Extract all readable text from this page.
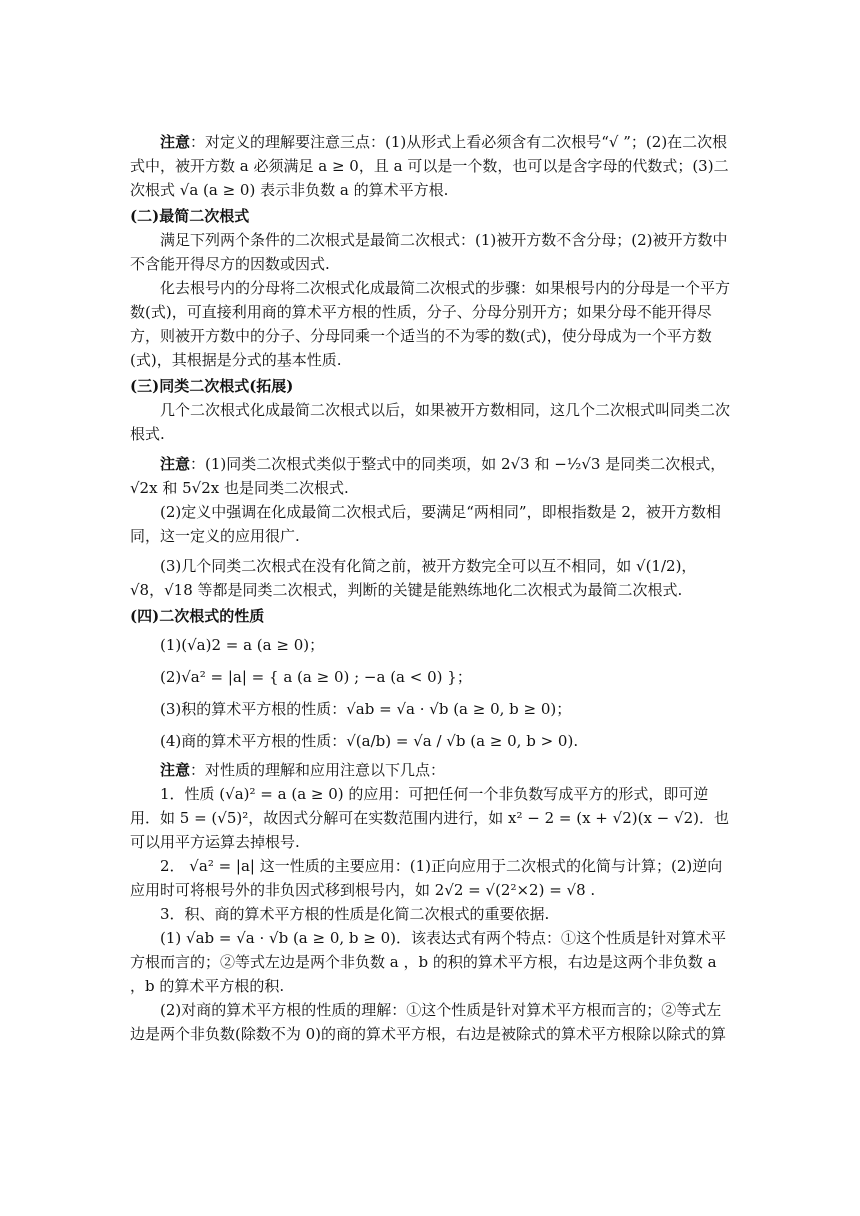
注意：对定义的理解要注意三点：(1)从形式上看必须含有二次根号“√ ”；(2)在二次根式中，被开方数 a 必须满足 a ≥ 0，且 a 可以是一个数，也可以是含字母的代数式；(3)二次根式 √a (a ≥ 0) 表示非负数 a 的算术平方根.

(二)最简二次根式

满足下列两个条件的二次根式是最简二次根式：(1)被开方数不含分母；(2)被开方数中不含能开得尽方的因数或因式.

化去根号内的分母将二次根式化成最简二次根式的步骤：如果根号内的分母是一个平方数(式)，可直接利用商的算术平方根的性质，分子、分母分别开方；如果分母不能开得尽方，则被开方数中的分子、分母同乘一个适当的不为零的数(式)，使分母成为一个平方数(式)，其根据是分式的基本性质.

(三)同类二次根式(拓展)

几个二次根式化成最简二次根式以后，如果被开方数相同，这几个二次根式叫同类二次根式.

注意：(1)同类二次根式类似于整式中的同类项，如 2√3 和 −½√3 是同类二次根式，√2x 和 5√2x 也是同类二次根式.

(2)定义中强调在化成最简二次根式后，要满足“两相同”，即根指数是 2，被开方数相同，这一定义的应用很广.

(3)几个同类二次根式在没有化简之前，被开方数完全可以互不相同，如 √(1/2)，√8，√18 等都是同类二次根式，判断的关键是能熟练地化二次根式为最简二次根式.

(四)二次根式的性质

(1)(√a)2 = a (a ≥ 0)；

(2)√a² = |a| = { a (a ≥ 0) ; −a (a < 0) }；

(3)积的算术平方根的性质：√ab = √a · √b (a ≥ 0, b ≥ 0)；

(4)商的算术平方根的性质：√(a/b) = √a / √b (a ≥ 0, b > 0).

注意：对性质的理解和应用注意以下几点：

1．性质 (√a)² = a (a ≥ 0) 的应用：可把任何一个非负数写成平方的形式，即可逆用．如 5 = (√5)²，故因式分解可在实数范围内进行，如 x² − 2 = (x + √2)(x − √2)．也可以用平方运算去掉根号.

2． √a² = |a| 这一性质的主要应用：(1)正向应用于二次根式的化简与计算；(2)逆向应用时可将根号外的非负因式移到根号内，如 2√2 = √(2²×2) = √8 .

3．积、商的算术平方根的性质是化简二次根式的重要依据.

(1) √ab = √a · √b (a ≥ 0, b ≥ 0)．该表达式有两个特点：①这个性质是针对算术平方根而言的；②等式左边是两个非负数 a ，b 的积的算术平方根，右边是这两个非负数 a ，b 的算术平方根的积.

(2)对商的算术平方根的性质的理解：①这个性质是针对算术平方根而言的；②等式左边是两个非负数(除数不为 0)的商的算术平方根，右边是被除式的算术平方根除以除式的算
